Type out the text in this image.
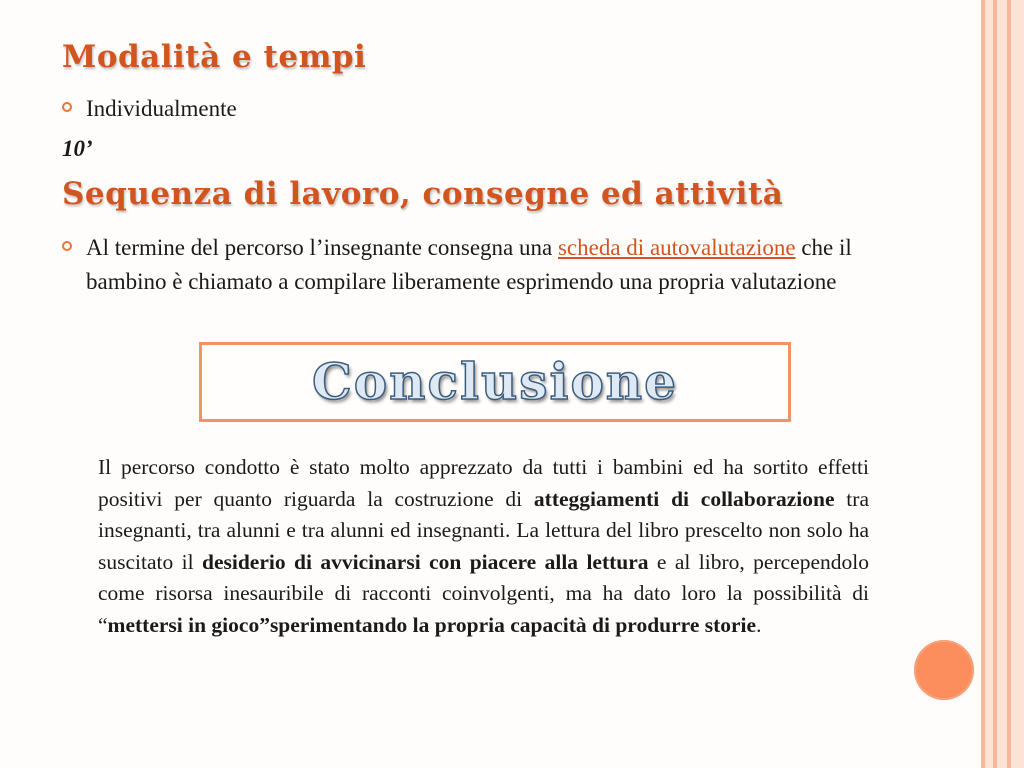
Modalità e tempi
Individualmente
10’
Sequenza di lavoro, consegne ed attività
Al termine del percorso l’insegnante consegna una scheda di autovalutazione che il bambino è chiamato a compilare liberamente esprimendo una propria valutazione
Conclusione
Il percorso condotto è stato molto apprezzato da tutti i bambini ed ha sortito effetti positivi per quanto riguarda la costruzione di atteggiamenti di collaborazione tra insegnanti, tra alunni e tra alunni ed insegnanti. La lettura del libro prescelto non solo ha suscitato il desiderio di avvicinarsi con piacere alla lettura e al libro, percependolo come risorsa inesauribile di racconti coinvolgenti, ma ha dato loro la possibilità di “mettersi in gioco”sperimentando la propria capacità di produrre storie.
